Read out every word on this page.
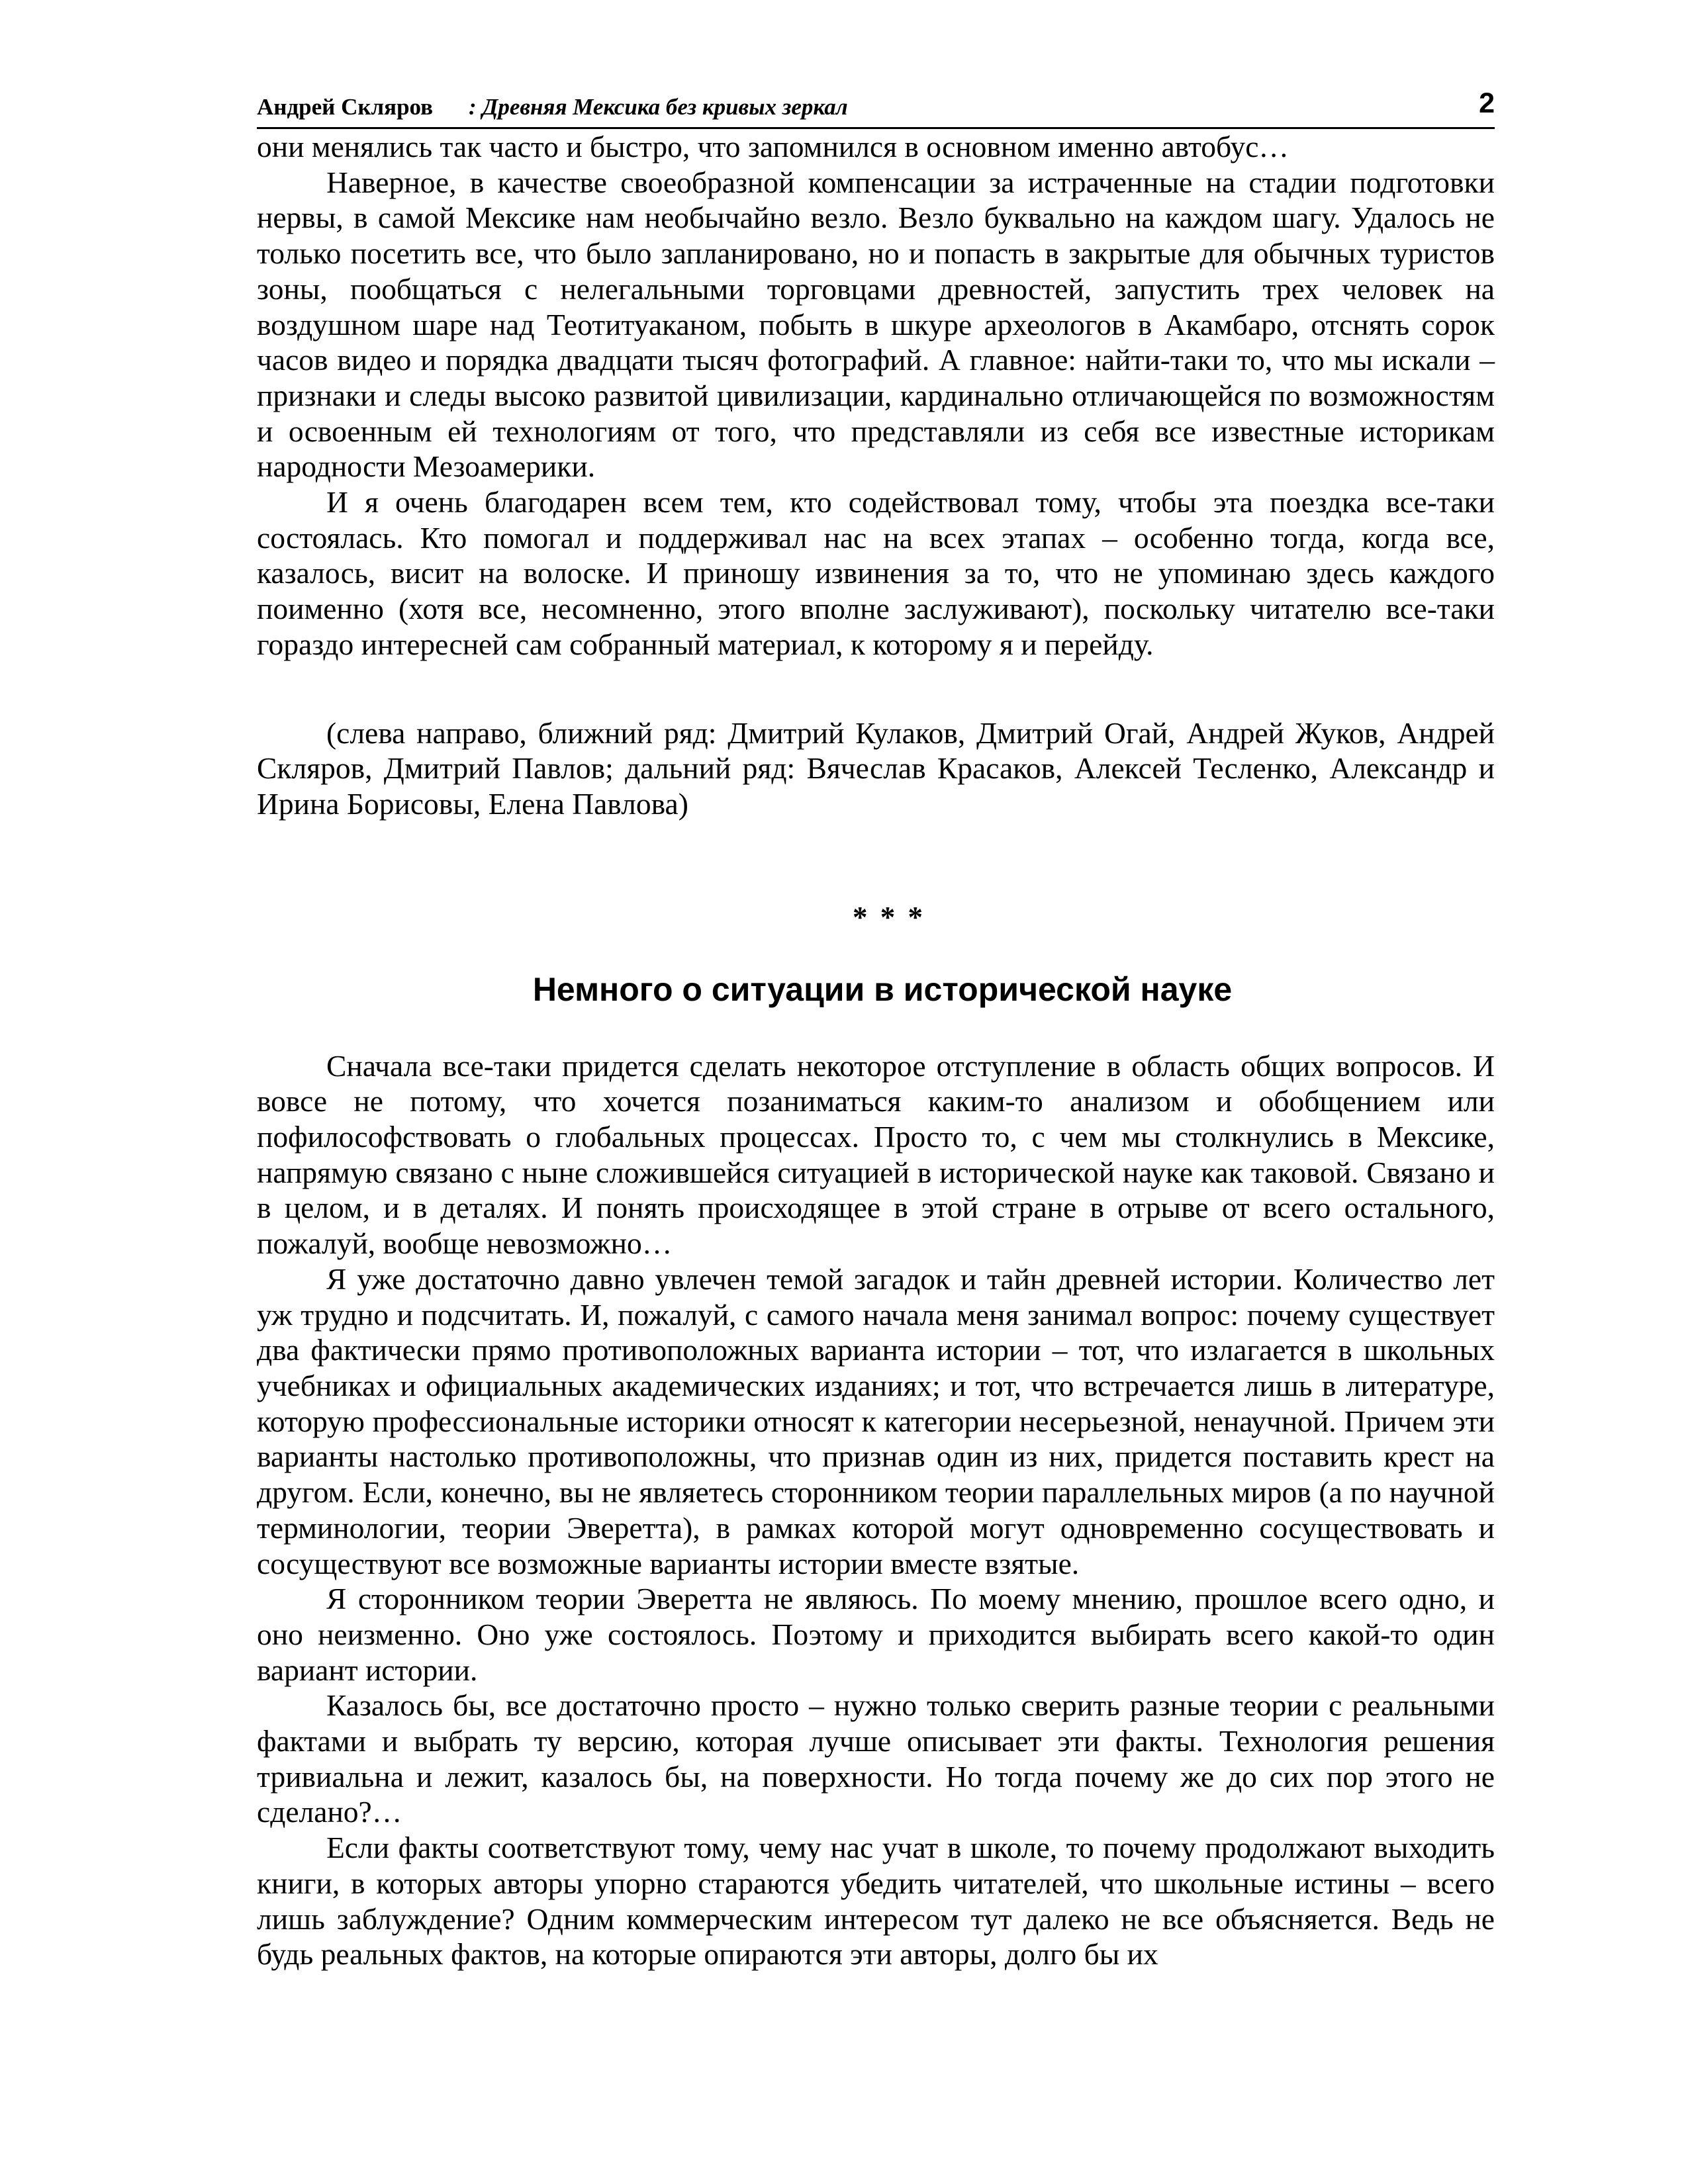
Андрей Скляров : Древняя Мексика без кривых зеркал	2

они менялись так часто и быстро, что запомнился в основном именно автобус…

Наверное, в качестве своеобразной компенсации за истраченные на стадии подготовки нервы, в самой Мексике нам необычайно везло. Везло буквально на каждом шагу. Удалось не только посетить все, что было запланировано, но и попасть в закрытые для обычных туристов зоны, пообщаться с нелегальными торговцами древностей, запустить трех человек на воздушном шаре над Теотитуаканом, побыть в шкуре археологов в Акамбаро, отснять сорок часов видео и порядка двадцати тысяч фотографий. А главное: найти-таки то, что мы искали – признаки и следы высоко развитой цивилизации, кардинально отличающейся по возможностям и освоенным ей технологиям от того, что представляли из себя все известные историкам народности Мезоамерики.

И я очень благодарен всем тем, кто содействовал тому, чтобы эта поездка все-таки состоялась. Кто помогал и поддерживал нас на всех этапах – особенно тогда, когда все, казалось, висит на волоске. И приношу извинения за то, что не упоминаю здесь каждого поименно (хотя все, несомненно, этого вполне заслуживают), поскольку читателю все-таки гораздо интересней сам собранный материал, к которому я и перейду.

(слева направо, ближний ряд: Дмитрий Кулаков, Дмитрий Огай, Андрей Жуков, Андрей Скляров, Дмитрий Павлов; дальний ряд: Вячеслав Красаков, Алексей Тесленко, Александр и Ирина Борисовы, Елена Павлова)

* * *
Немного о ситуации в исторической науке

Сначала все-таки придется сделать некоторое отступление в область общих вопросов. И вовсе не потому, что хочется позаниматься каким-то анализом и обобщением или пофилософствовать о глобальных процессах. Просто то, с чем мы столкнулись в Мексике, напрямую связано с ныне сложившейся ситуацией в исторической науке как таковой. Связано и в целом, и в деталях. И понять происходящее в этой стране в отрыве от всего остального, пожалуй, вообще невозможно…

Я уже достаточно давно увлечен темой загадок и тайн древней истории. Количество лет уж трудно и подсчитать. И, пожалуй, с самого начала меня занимал вопрос: почему существует два фактически прямо противоположных варианта истории – тот, что излагается в школьных учебниках и официальных академических изданиях; и тот, что встречается лишь в литературе, которую профессиональные историки относят к категории несерьезной, ненаучной. Причем эти варианты настолько противоположны, что признав один из них, придется поставить крест на другом. Если, конечно, вы не являетесь сторонником теории параллельных миров (а по научной терминологии, теории Эверетта), в рамках которой могут одновременно сосуществовать и сосуществуют все возможные варианты истории вместе взятые.

Я сторонником теории Эверетта не являюсь. По моему мнению, прошлое всего одно, и оно неизменно. Оно уже состоялось. Поэтому и приходится выбирать всего какой-то один вариант истории.

Казалось бы, все достаточно просто – нужно только сверить разные теории с реальными фактами и выбрать ту версию, которая лучше описывает эти факты. Технология решения тривиальна и лежит, казалось бы, на поверхности. Но тогда почему же до сих пор этого не сделано?…

Если факты соответствуют тому, чему нас учат в школе, то почему продолжают выходить книги, в которых авторы упорно стараются убедить читателей, что школьные истины – всего лишь заблуждение? Одним коммерческим интересом тут далеко не все объясняется. Ведь не будь реальных фактов, на которые опираются эти авторы, долго бы их
